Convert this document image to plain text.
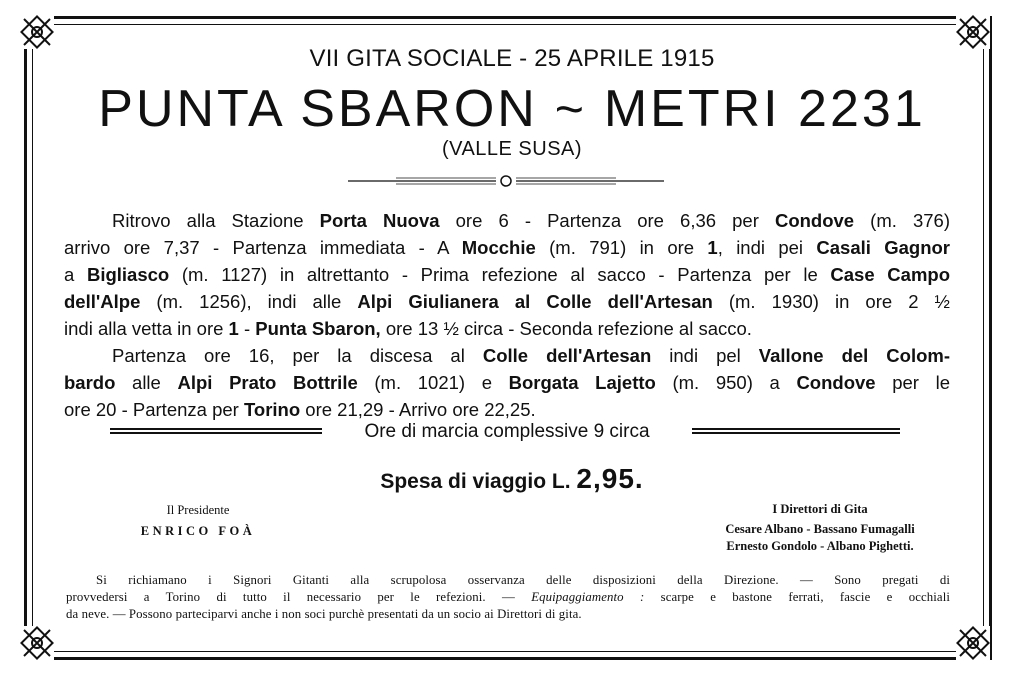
VII GITA SOCIALE - 25 APRILE 1915
PUNTA SBARON ~ METRI 2231
(VALLE SUSA)
Ritrovo alla Stazione Porta Nuova ore 6 - Partenza ore 6,36 per Condove (m. 376)
arrivo ore 7,37 - Partenza immediata - A Mocchie (m. 791) in ore 1, indi pei Casali Gagnor
a Bigliasco (m. 1127) in altrettanto - Prima refezione al sacco - Partenza per le Case Campo
dell'Alpe (m. 1256), indi alle Alpi Giulianera al Colle dell'Artesan (m. 1930) in ore 2 ½
indi alla vetta in ore 1 - Punta Sbaron, ore 13 ½ circa - Seconda refezione al sacco.
Partenza ore 16, per la discesa al Colle dell'Artesan indi pel Vallone del Colom-
bardo alle Alpi Prato Bottrile (m. 1021) e Borgata Lajetto (m. 950) a Condove per le
ore 20 - Partenza per Torino ore 21,29 - Arrivo ore 22,25.
Ore di marcia complessive 9 circa
Spesa di viaggio L. 2,95.
Il Presidente
ENRICO FOÀ
I Direttori di Gita
Cesare Albano - Bassano Fumagalli
Ernesto Gondolo - Albano Pighetti.
Si richiamano i Signori Gitanti alla scrupolosa osservanza delle disposizioni della Direzione. — Sono pregati di
provvedersi a Torino di tutto il necessario per le refezioni. — Equipaggiamento : scarpe e bastone ferrati, fascie e occhiali
da neve. — Possono parteciparvi anche i non soci purchè presentati da un socio ai Direttori di gita.
